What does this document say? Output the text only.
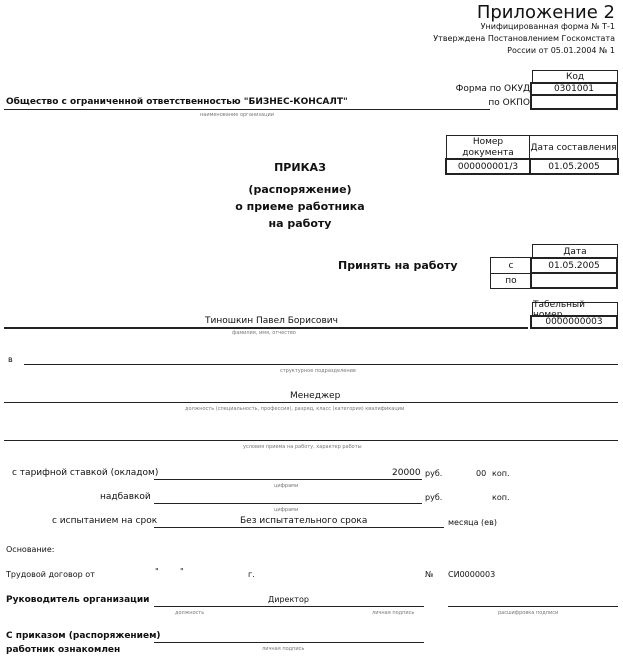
Приложение 2
Унифицированная форма № Т-1
Утверждена Постановлением Госкомстата
России от 05.01.2004 № 1
Код
Форма по ОКУД	0301001
по ОКПО
Общество с ограниченной ответственностью "БИЗНЕС-КОНСАЛТ"
наименование организации
Номер документа	Дата составления
000000001/3	01.05.2005
ПРИКАЗ
(распоряжение)
о приеме работника
на работу
Дата
Принять на работу	с	01.05.2005
по
Табельный номер
0000000003
Тиношкин Павел Борисович
фамилия, имя, отчество
в
структурное подразделение
Менеджер
должность (специальность, профессия), разряд, класс (категория) квалификации
условия приема на работу, характер работы
с тарифной ставкой (окладом)	20000 руб.	00 коп.
цифрами
надбавкой	руб.	коп.
цифрами
с испытанием на срок	Без испытательного срока	месяца (ев)
Основание:
Трудовой договор от	"	"	г.	№ СИ0000003
Руководитель организации	Директор
должность	личная подпись	расшифровка подписи
С приказом (распоряжением)
работник ознакомлен	личная подпись
